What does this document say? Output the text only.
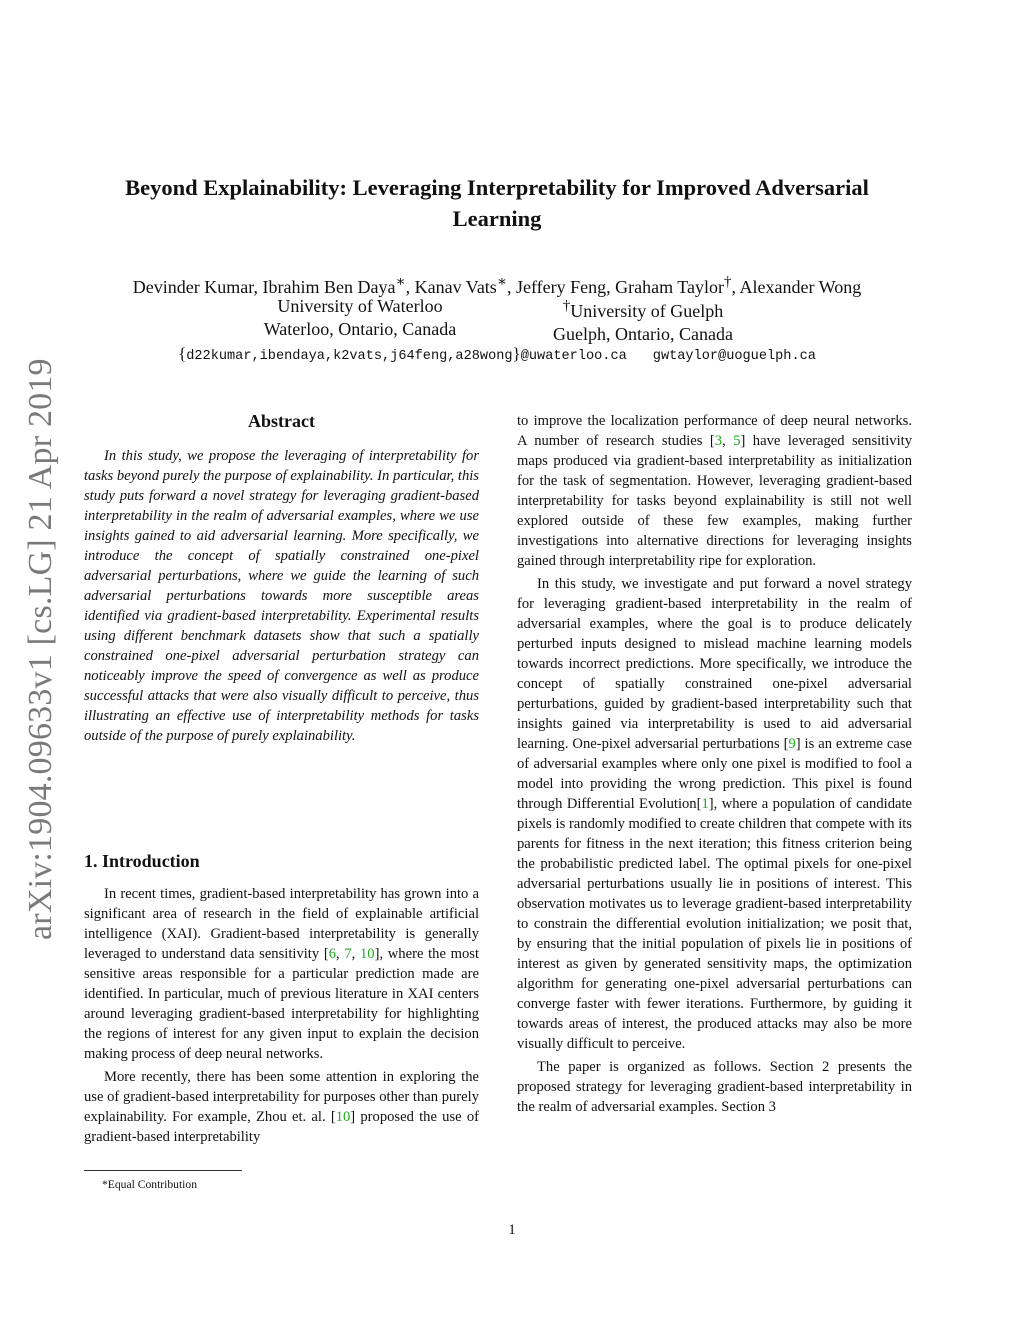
arXiv:1904.09633v1 [cs.LG] 21 Apr 2019
Beyond Explainability: Leveraging Interpretability for Improved Adversarial Learning
Devinder Kumar, Ibrahim Ben Daya∗, Kanav Vats∗, Jeffery Feng, Graham Taylor†, Alexander Wong
University of Waterloo
Waterloo, Ontario, Canada
†University of Guelph
Guelph, Ontario, Canada
{d22kumar,ibendaya,k2vats,j64feng,a28wong}@uwaterloo.ca gwtaylor@uoguelph.ca
Abstract

In this study, we propose the leveraging of interpretability for tasks beyond purely the purpose of explainability. In particular, this study puts forward a novel strategy for leveraging gradient-based interpretability in the realm of adversarial examples, where we use insights gained to aid adversarial learning. More specifically, we introduce the concept of spatially constrained one-pixel adversarial perturbations, where we guide the learning of such adversarial perturbations towards more susceptible areas identified via gradient-based interpretability. Experimental results using different benchmark datasets show that such a spatially constrained one-pixel adversarial perturbation strategy can noticeably improve the speed of convergence as well as produce successful attacks that were also visually difficult to perceive, thus illustrating an effective use of interpretability methods for tasks outside of the purpose of purely explainability.

1. Introduction

In recent times, gradient-based interpretability has grown into a significant area of research in the field of explainable artificial intelligence (XAI). Gradient-based interpretability is generally leveraged to understand data sensitivity [6, 7, 10], where the most sensitive areas responsible for a particular prediction made are identified. In particular, much of previous literature in XAI centers around leveraging gradient-based interpretability for highlighting the regions of interest for any given input to explain the decision making process of deep neural networks.

More recently, there has been some attention in exploring the use of gradient-based interpretability for purposes other than purely explainability. For example, Zhou et. al. [10] proposed the use of gradient-based interpretability

*Equal Contribution

to improve the localization performance of deep neural networks. A number of research studies [3, 5] have leveraged sensitivity maps produced via gradient-based interpretability as initialization for the task of segmentation. However, leveraging gradient-based interpretability for tasks beyond explainability is still not well explored outside of these few examples, making further investigations into alternative directions for leveraging insights gained through interpretability ripe for exploration.

In this study, we investigate and put forward a novel strategy for leveraging gradient-based interpretability in the realm of adversarial examples, where the goal is to produce delicately perturbed inputs designed to mislead machine learning models towards incorrect predictions. More specifically, we introduce the concept of spatially constrained one-pixel adversarial perturbations, guided by gradient-based interpretability such that insights gained via interpretability is used to aid adversarial learning. One-pixel adversarial perturbations [9] is an extreme case of adversarial examples where only one pixel is modified to fool a model into providing the wrong prediction. This pixel is found through Differential Evolution[1], where a population of candidate pixels is randomly modified to create children that compete with its parents for fitness in the next iteration; this fitness criterion being the probabilistic predicted label. The optimal pixels for one-pixel adversarial perturbations usually lie in positions of interest. This observation motivates us to leverage gradient-based interpretability to constrain the differential evolution initialization; we posit that, by ensuring that the initial population of pixels lie in positions of interest as given by generated sensitivity maps, the optimization algorithm for generating one-pixel adversarial perturbations can converge faster with fewer iterations. Furthermore, by guiding it towards areas of interest, the produced attacks may also be more visually difficult to perceive.

The paper is organized as follows. Section 2 presents the proposed strategy for leveraging gradient-based interpretability in the realm of adversarial examples. Section 3

1
